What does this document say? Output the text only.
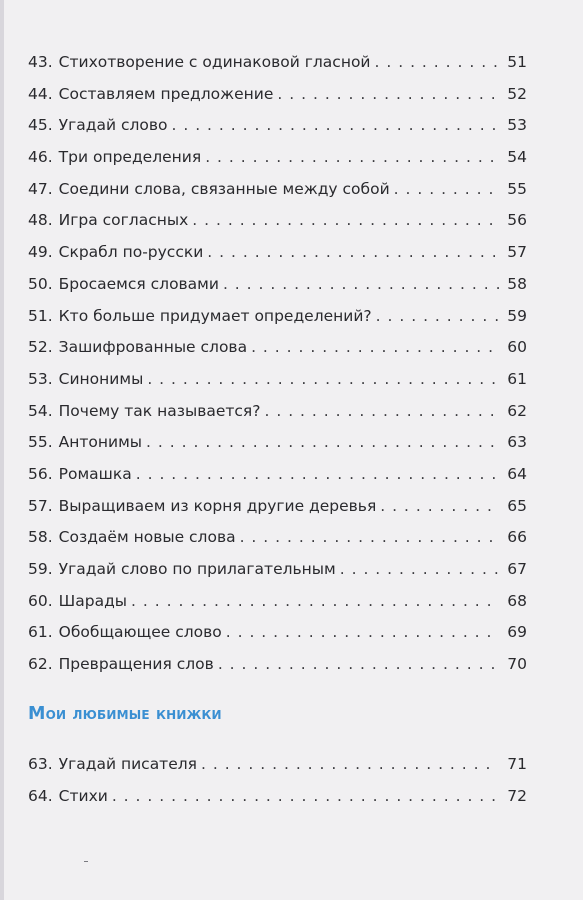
43. Стихотворение с одинаковой гласной . . .	51
44. Составляем предложение . . .	52
45. Угадай слово . . .	53
46. Три определения . . .	54
47. Соедини слова, связанные между собой . . .	55
48. Игра согласных . . .	56
49. Скрабл по-русски . . .	57
50. Бросаемся словами . . .	58
51. Кто больше придумает определений? . . .	59
52. Зашифрованные слова . . .	60
53. Синонимы . . .	61
54. Почему так называется? . . .	62
55. Антонимы . . .	63
56. Ромашка . . .	64
57. Выращиваем из корня другие деревья . . .	65
58. Создаём новые слова . . .	66
59. Угадай слово по прилагательным . . .	67
60. Шарады . . .	68
61. Обобщающее слово . . .	69
62. Превращения слов . . .	70
Мои любимые книжки
63. Угадай писателя . . .	71
64. Стихи . . .	72
